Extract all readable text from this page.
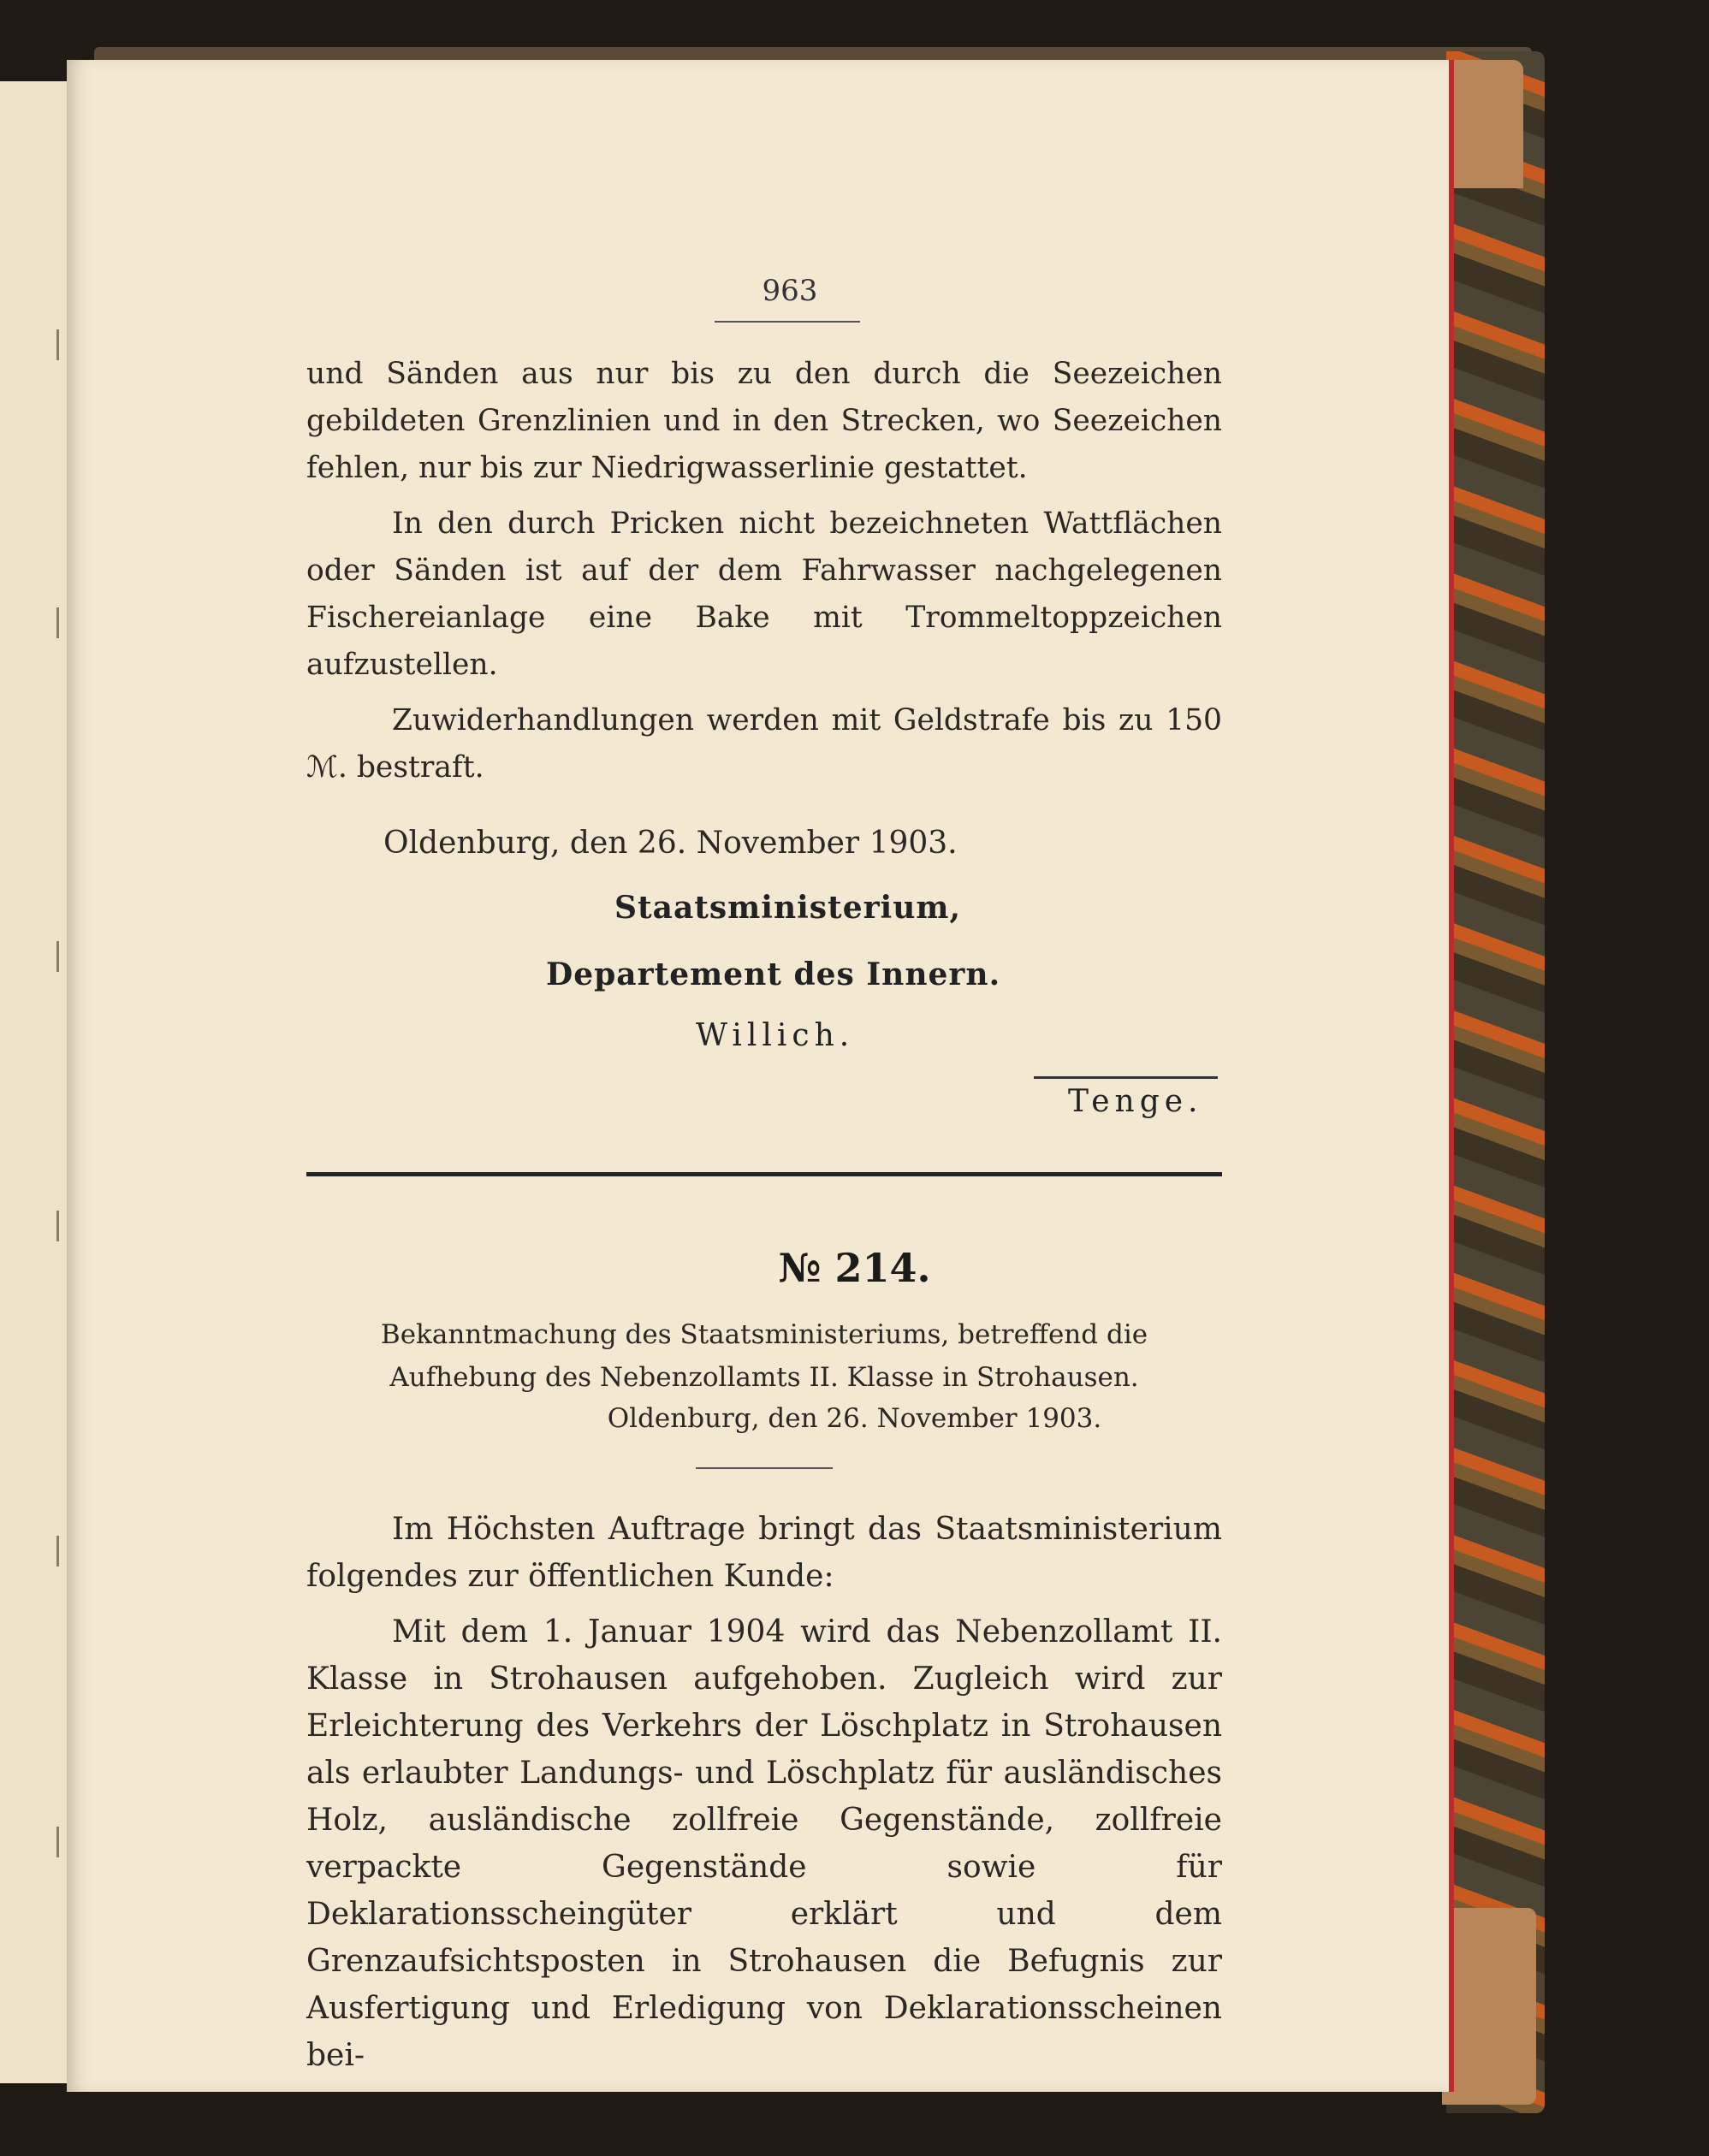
963

und Sänden aus nur bis zu den durch die Seezeichen gebildeten Grenzlinien und in den Strecken, wo Seezeichen fehlen, nur bis zur Niedrigwasserlinie gestattet.

In den durch Pricken nicht bezeichneten Wattflächen oder Sänden ist auf der dem Fahrwasser nachgelegenen Fischereianlage eine Bake mit Trommeltoppzeichen aufzustellen.

Zuwiderhandlungen werden mit Geldstrafe bis zu 150 ℳ. bestraft.

Oldenburg, den 26. November 1903.
Staatsministerium,
Departement des Innern.
Willich.
Tenge.
№ 214.

Bekanntmachung des Staatsministeriums, betreffend die Aufhebung des Nebenzollamts II. Klasse in Strohausen.

Oldenburg, den 26. November 1903.

Im Höchsten Auftrage bringt das Staatsministerium folgendes zur öffentlichen Kunde:

Mit dem 1. Januar 1904 wird das Nebenzollamt II. Klasse in Strohausen aufgehoben. Zugleich wird zur Erleichterung des Verkehrs der Löschplatz in Strohausen als erlaubter Landungs- und Löschplatz für ausländisches Holz, ausländische zollfreie Gegenstände, zollfreie verpackte Gegenstände sowie für Deklarationsscheingüter erklärt und dem Grenzaufsichtsposten in Strohausen die Befugnis zur Ausfertigung und Erledigung von Deklarationsscheinen bei-
